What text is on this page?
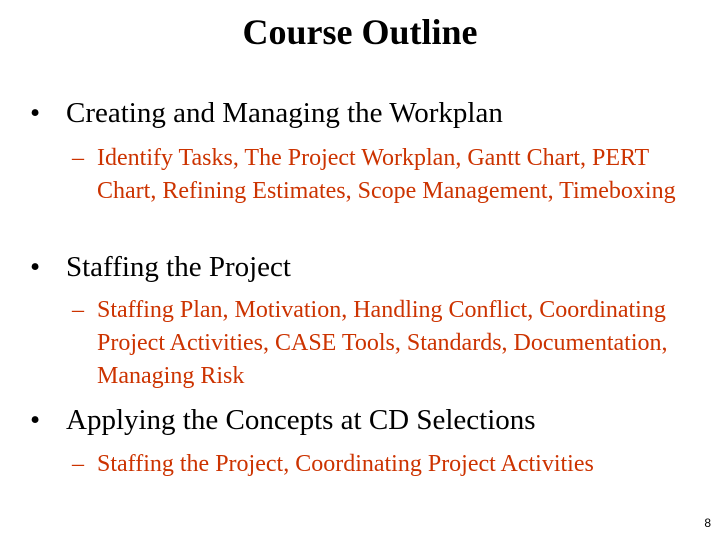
Course Outline
• Creating and Managing the Workplan
– Identify Tasks, The Project Workplan, Gantt Chart, PERT Chart, Refining Estimates, Scope Management, Timeboxing
• Staffing the Project
– Staffing Plan, Motivation, Handling Conflict, Coordinating Project Activities, CASE Tools, Standards, Documentation, Managing Risk
• Applying the Concepts at CD Selections
– Staffing the Project, Coordinating Project Activities
8
